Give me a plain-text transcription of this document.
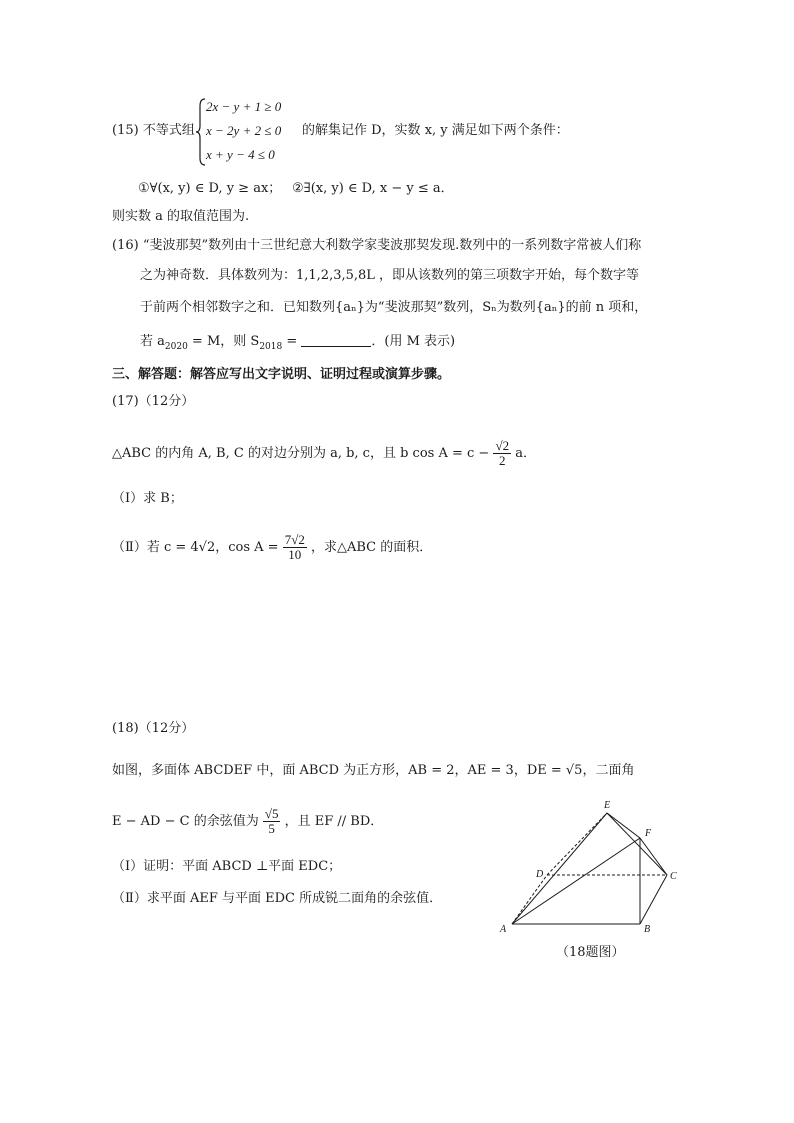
(15) 不等式组
2x − y + 1 ≥ 0
x − 2y + 2 ≤ 0
x + y − 4 ≤ 0
的解集记作 D，实数 x, y 满足如下两个条件：
①∀(x, y) ∈ D, y ≥ ax； ②∃(x, y) ∈ D, x − y ≤ a．
则实数 a 的取值范围为.
(16) “斐波那契”数列由十三世纪意大利数学家斐波那契发现.数列中的一系列数字常被人们称
之为神奇数．具体数列为：1,1,2,3,5,8L ，即从该数列的第三项数字开始，每个数字等
于前两个相邻数字之和．已知数列{aₙ}为“斐波那契”数列，Sₙ为数列{aₙ}的前 n 项和，
若 $a_{2020} = M$，则 $S_{2018}$ =	．(用 M 表示)
三、解答题：解答应写出文字说明、证明过程或演算步骤。
(17)（12分）
△ABC 的内角 A, B, C 的对边分别为 a, b, c，且 b $\cos A = c - \frac{√2}{2}$ a．
（Ⅰ）求 B；
（Ⅱ）若 c = 4√2，$\cos A = \frac{7√2}{10}$ ，求△ABC 的面积．
(18)（12分）
如图，多面体 ABCDEF 中，面 ABCD 为正方形，AB = 2，AE = 3，DE = √5，二面角
E − AD − C 的余弦值为 $\frac{√5}{5}$ ，且 EF // BD．
（Ⅰ）证明：平面 ABCD ⊥平面 EDC；
（Ⅱ）求平面 AEF 与平面 EDC 所成锐二面角的余弦值．
A	B
C
D
E
F
（18题图）
